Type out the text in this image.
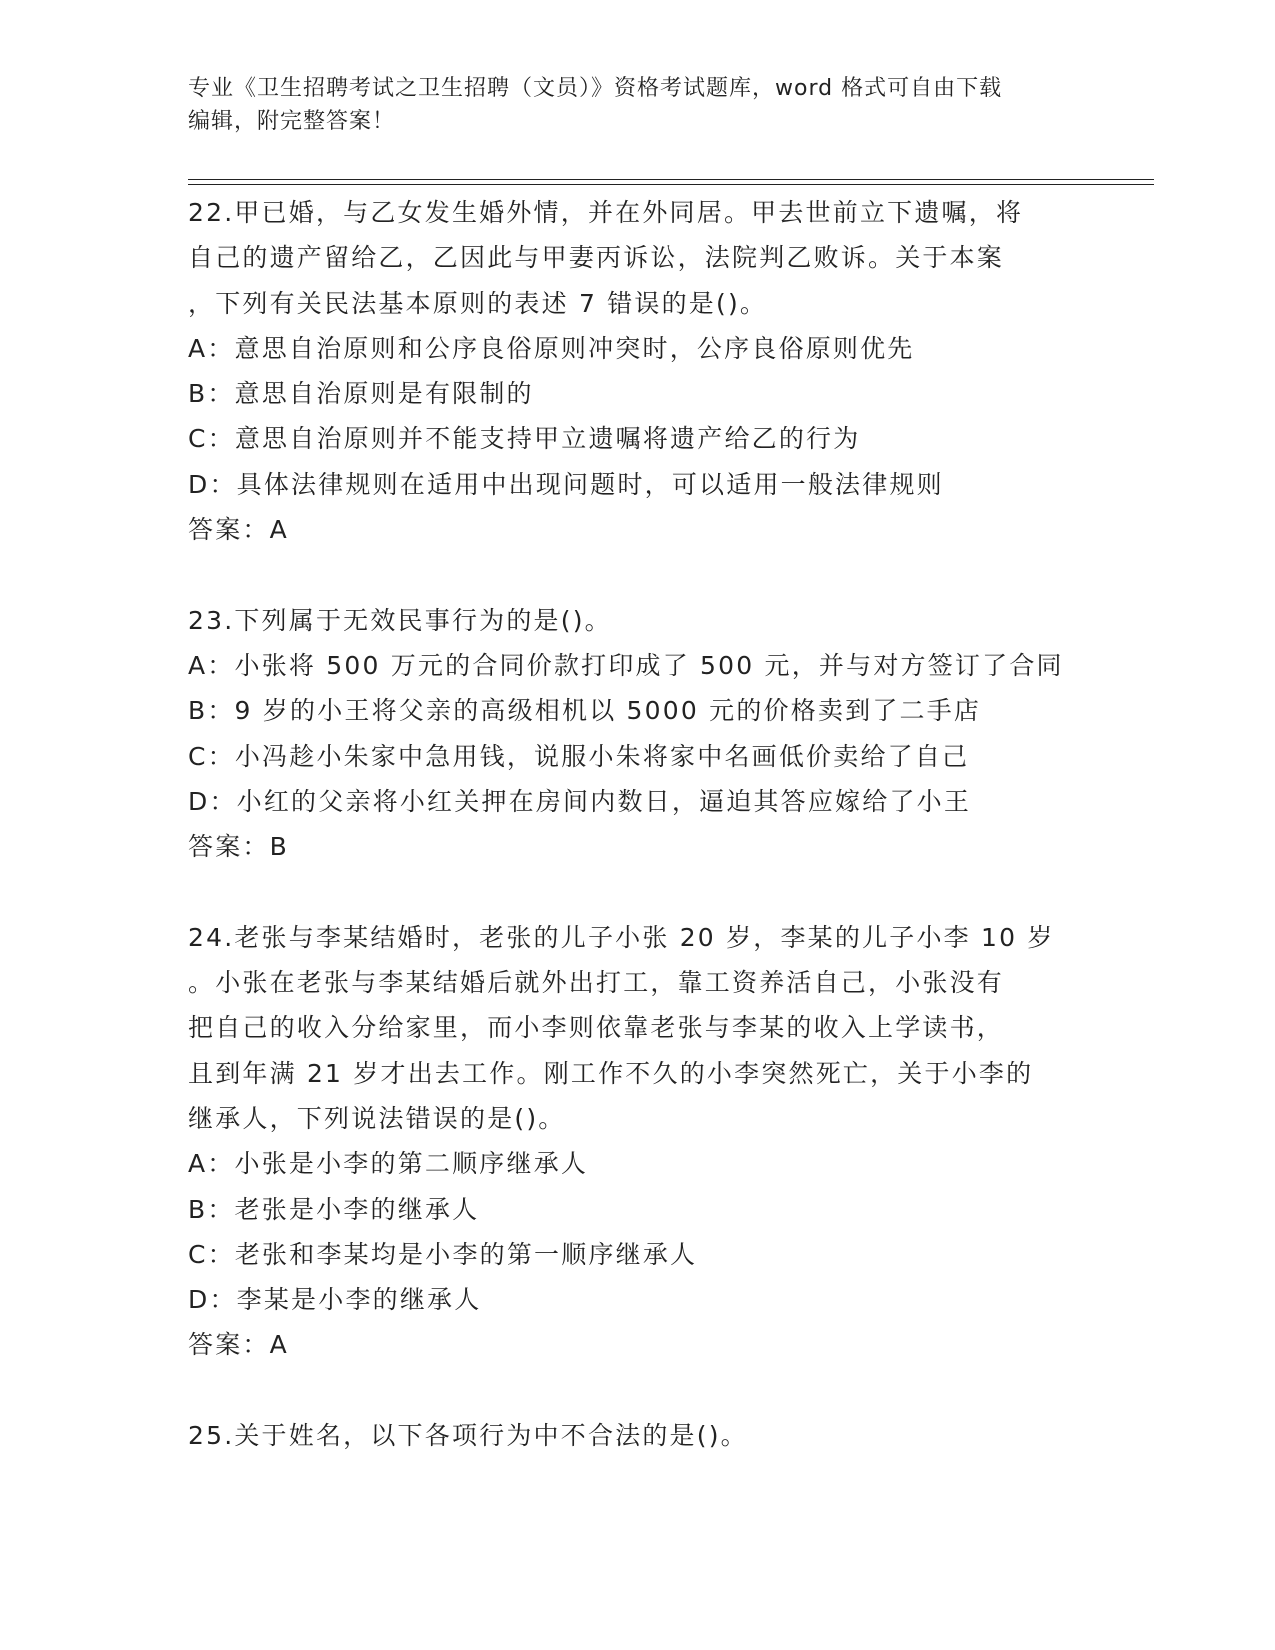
专业《卫生招聘考试之卫生招聘（文员）》资格考试题库，word 格式可自由下载
编辑，附完整答案！
22.甲已婚，与乙女发生婚外情，并在外同居。甲去世前立下遗嘱，将
自己的遗产留给乙，乙因此与甲妻丙诉讼，法院判乙败诉。关于本案
，下列有关民法基本原则的表述 7 错误的是()。
A：意思自治原则和公序良俗原则冲突时，公序良俗原则优先
B：意思自治原则是有限制的
C：意思自治原则并不能支持甲立遗嘱将遗产给乙的行为
D：具体法律规则在适用中出现问题时，可以适用一般法律规则
答案：A
23.下列属于无效民事行为的是()。
A：小张将 500 万元的合同价款打印成了 500 元，并与对方签订了合同
B：9 岁的小王将父亲的高级相机以 5000 元的价格卖到了二手店
C：小冯趁小朱家中急用钱，说服小朱将家中名画低价卖给了自己
D：小红的父亲将小红关押在房间内数日，逼迫其答应嫁给了小王
答案：B
24.老张与李某结婚时，老张的儿子小张 20 岁，李某的儿子小李 10 岁
。小张在老张与李某结婚后就外出打工，靠工资养活自己，小张没有
把自己的收入分给家里，而小李则依靠老张与李某的收入上学读书，
且到年满 21 岁才出去工作。刚工作不久的小李突然死亡，关于小李的
继承人，下列说法错误的是()。
A：小张是小李的第二顺序继承人
B：老张是小李的继承人
C：老张和李某均是小李的第一顺序继承人
D：李某是小李的继承人
答案：A
25.关于姓名，以下各项行为中不合法的是()。
